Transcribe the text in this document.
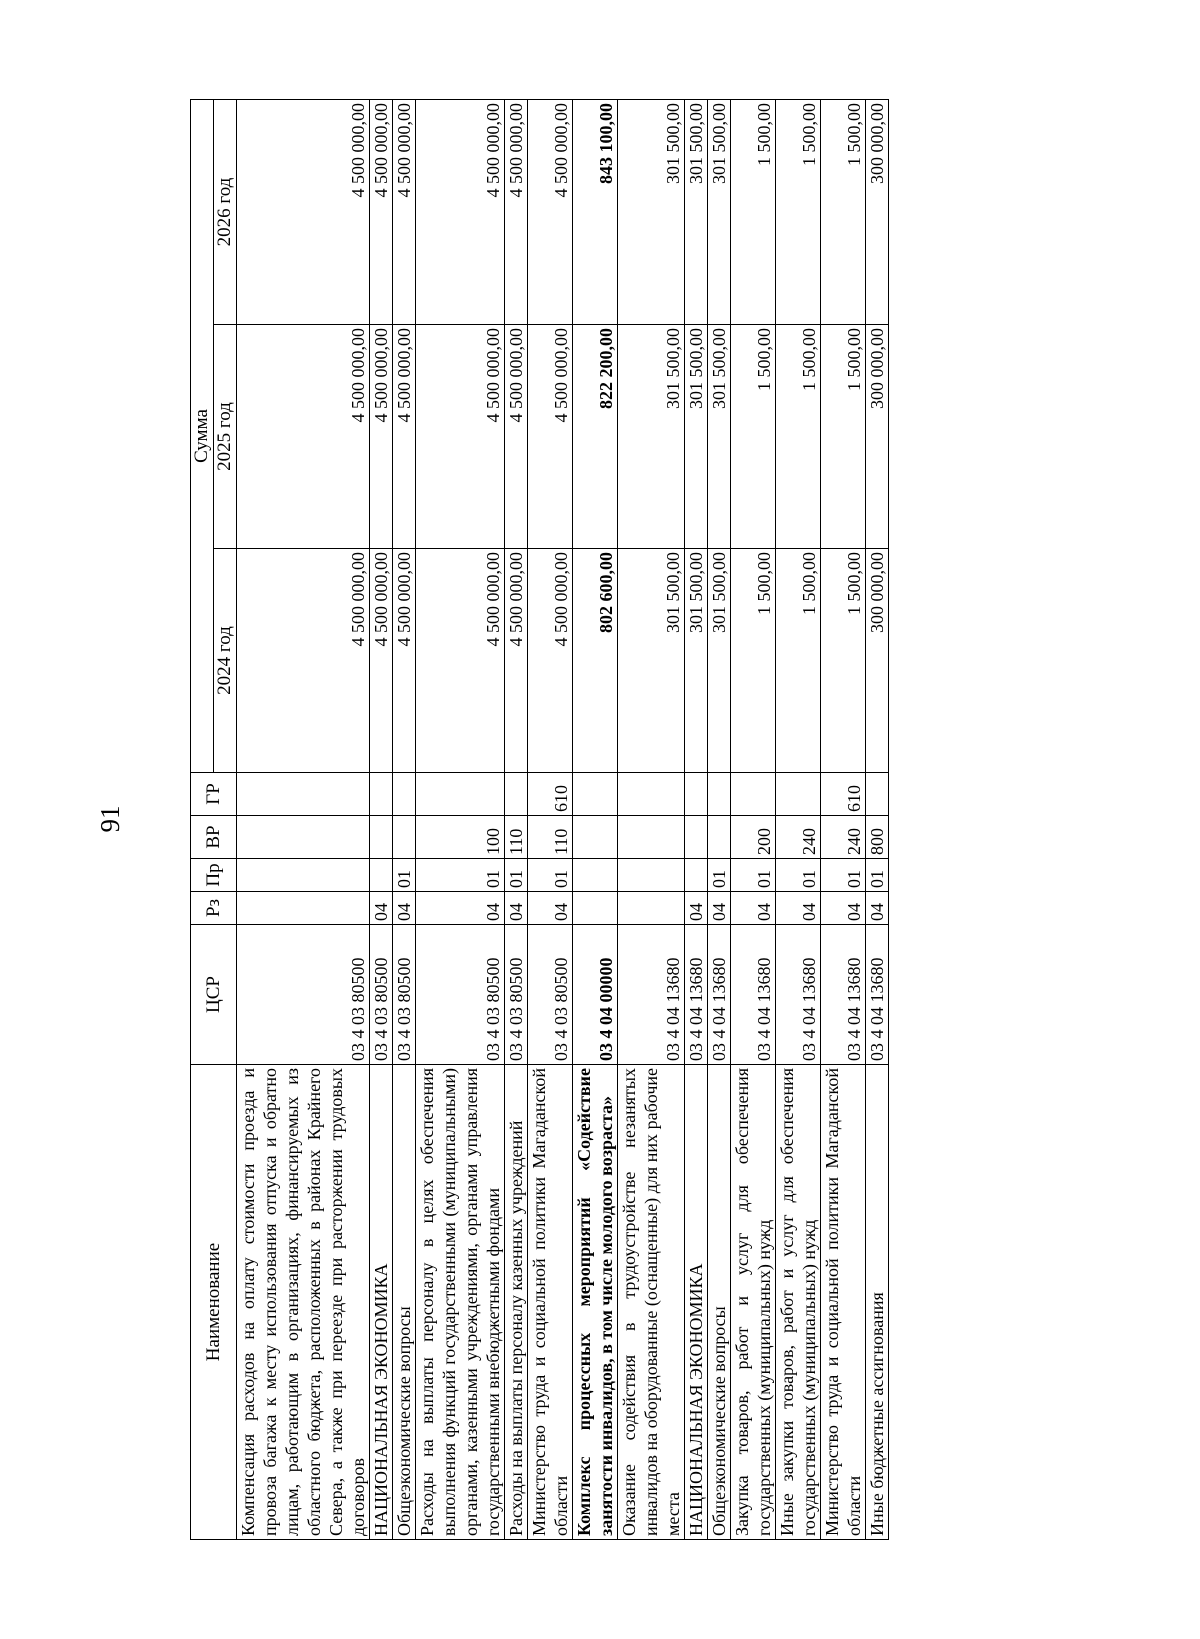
91
Наименование	ЦСР	Рз	Пр	ВР	ГР	Сумма		
						2024 год	2025 год	2026 год
Компенсация расходов на оплату стоимости проезда и провоза багажа к месту использования отпуска и обратно лицам, работающим в организациях, финансируемых из областного бюджета, расположенных в районах Крайнего Севера, а также при переезде при расторжении трудовых договоров	03 4 03 80500					4 500 000,00	4 500 000,00	4 500 000,00
НАЦИОНАЛЬНАЯ ЭКОНОМИКА	03 4 03 80500	04				4 500 000,00	4 500 000,00	4 500 000,00
Общеэкономические вопросы	03 4 03 80500	04	01			4 500 000,00	4 500 000,00	4 500 000,00
Расходы на выплаты персоналу в целях обеспечения выполнения функций государственными (муниципальными) органами, казенными учреждениями, органами управления государственными внебюджетными фондами	03 4 03 80500	04	01	100		4 500 000,00	4 500 000,00	4 500 000,00
Расходы на выплаты персоналу казенных учреждений	03 4 03 80500	04	01	110		4 500 000,00	4 500 000,00	4 500 000,00
Министерство труда и социальной политики Магаданской области	03 4 03 80500	04	01	110	610	4 500 000,00	4 500 000,00	4 500 000,00
Комплекс процессных мероприятий «Содействие занятости инвалидов, в том числе молодого возраста»	03 4 04 00000					802 600,00	822 200,00	843 100,00
Оказание содействия в трудоустройстве незанятых инвалидов на оборудованные (оснащенные) для них рабочие места	03 4 04 13680					301 500,00	301 500,00	301 500,00
НАЦИОНАЛЬНАЯ ЭКОНОМИКА	03 4 04 13680	04				301 500,00	301 500,00	301 500,00
Общеэкономические вопросы	03 4 04 13680	04	01			301 500,00	301 500,00	301 500,00
Закупка товаров, работ и услуг для обеспечения государственных (муниципальных) нужд	03 4 04 13680	04	01	200		1 500,00	1 500,00	1 500,00
Иные закупки товаров, работ и услуг для обеспечения государственных (муниципальных) нужд	03 4 04 13680	04	01	240		1 500,00	1 500,00	1 500,00
Министерство труда и социальной политики Магаданской области	03 4 04 13680	04	01	240	610	1 500,00	1 500,00	1 500,00
Иные бюджетные ассигнования	03 4 04 13680	04	01	800		300 000,00	300 000,00	300 000,00
